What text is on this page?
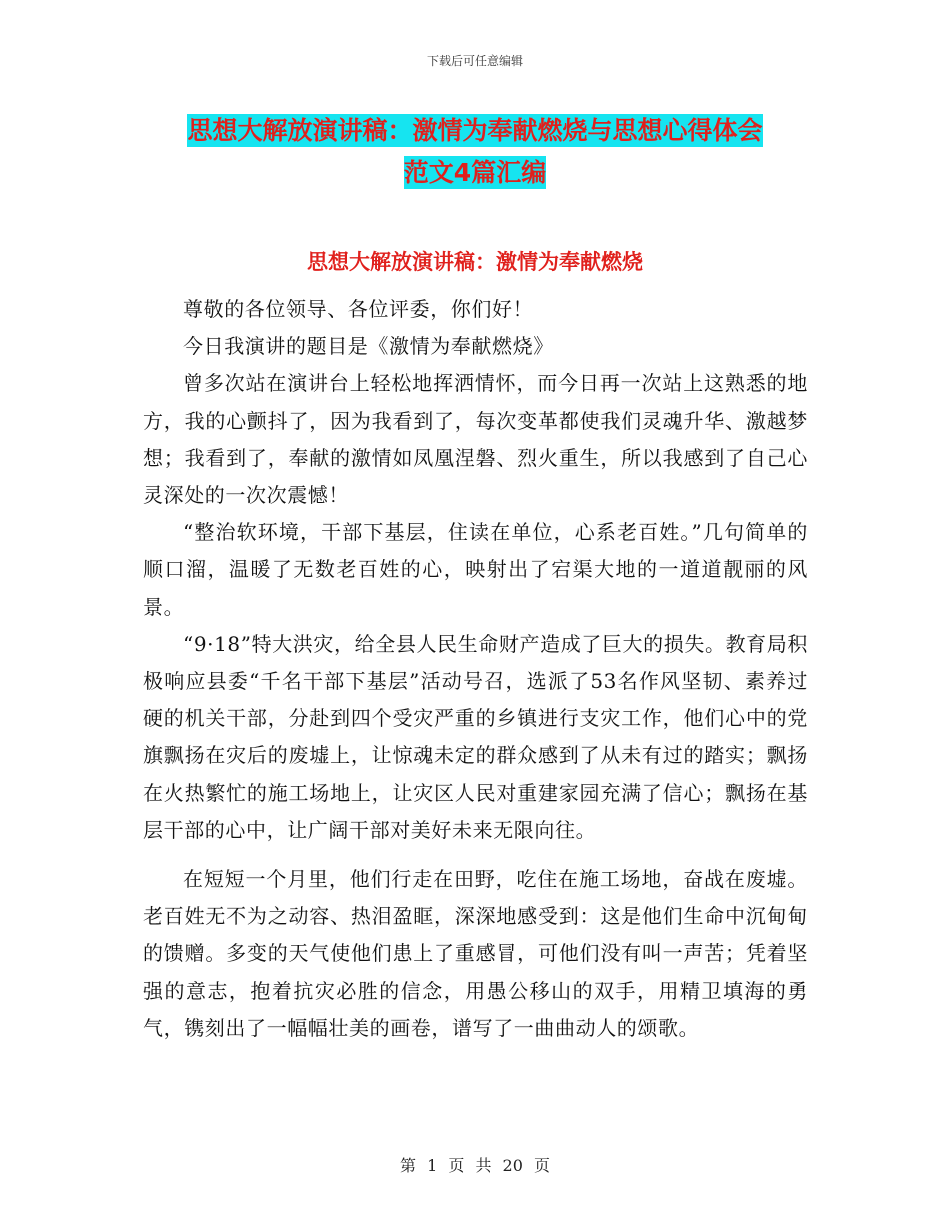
下载后可任意编辑
思想大解放演讲稿：激情为奉献燃烧与思想心得体会
范文4篇汇编
思想大解放演讲稿：激情为奉献燃烧

尊敬的各位领导、各位评委，你们好！

今日我演讲的题目是《激情为奉献燃烧》

曾多次站在演讲台上轻松地挥洒情怀，而今日再一次站上这熟悉的地方，我的心颤抖了，因为我看到了，每次变革都使我们灵魂升华、激越梦想；我看到了，奉献的激情如凤凰涅磐、烈火重生，所以我感到了自己心灵深处的一次次震憾！

“整治软环境，干部下基层，住读在单位，心系老百姓。”几句简单的顺口溜，温暖了无数老百姓的心，映射出了宕渠大地的一道道靓丽的风景。

“9·18”特大洪灾，给全县人民生命财产造成了巨大的损失。教育局积极响应县委“千名干部下基层”活动号召，选派了53名作风坚韧、素养过硬的机关干部，分赴到四个受灾严重的乡镇进行支灾工作，他们心中的党旗飘扬在灾后的废墟上，让惊魂未定的群众感到了从未有过的踏实；飘扬在火热繁忙的施工场地上，让灾区人民对重建家园充满了信心；飘扬在基层干部的心中，让广阔干部对美好未来无限向往。

在短短一个月里，他们行走在田野，吃住在施工场地，奋战在废墟。老百姓无不为之动容、热泪盈眶，深深地感受到：这是他们生命中沉甸甸的馈赠。多变的天气使他们患上了重感冒，可他们没有叫一声苦；凭着坚强的意志，抱着抗灾必胜的信念，用愚公移山的双手，用精卫填海的勇气，镌刻出了一幅幅壮美的画卷，谱写了一曲曲动人的颂歌。

第 1 页 共 20 页
